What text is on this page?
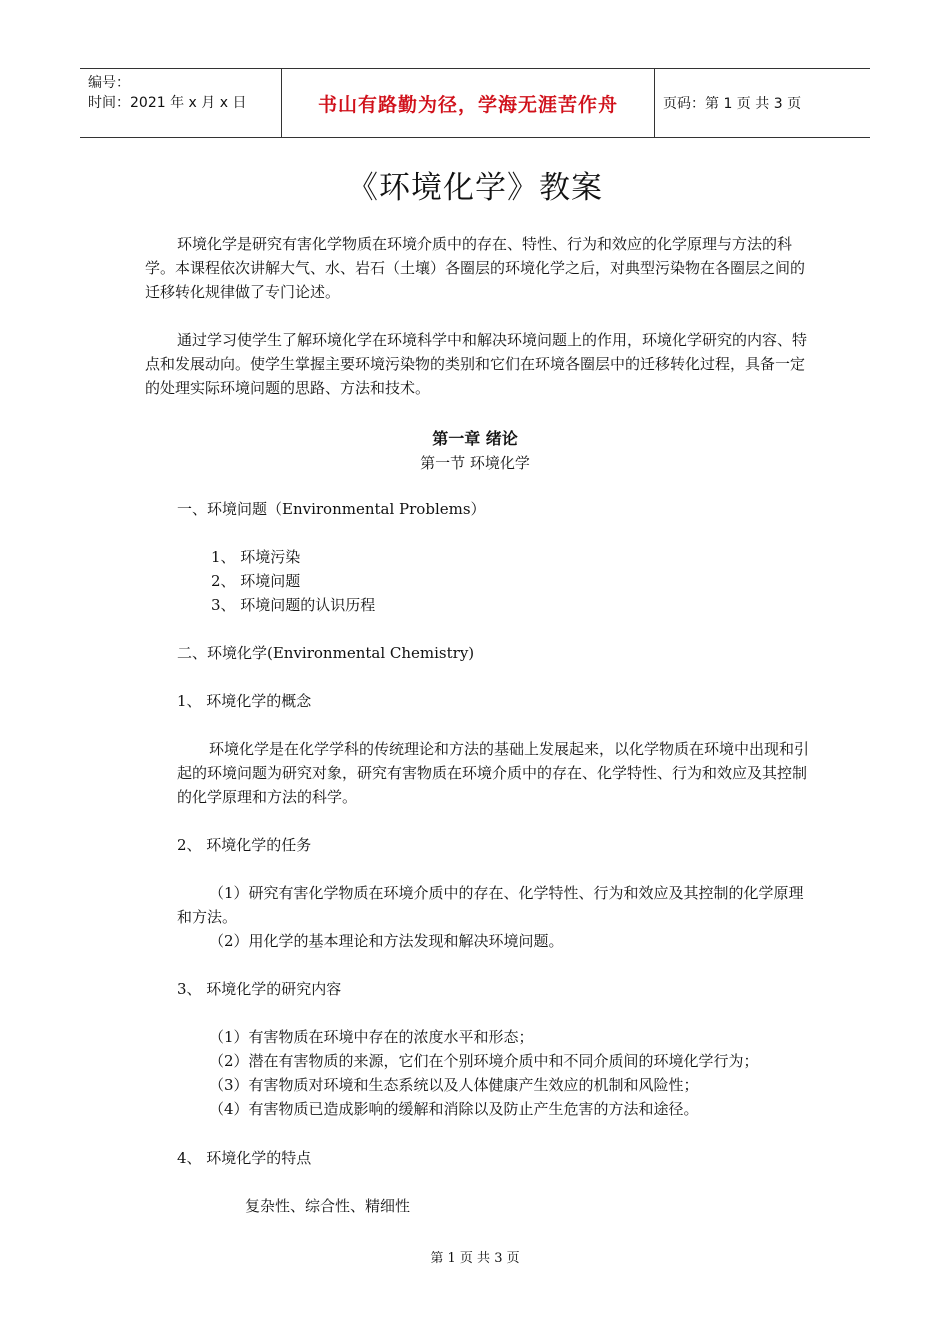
编号：
时间：2021 年 x 月 x 日	书山有路勤为径，学海无涯苦作舟	页码：第 1 页 共 3 页
《环境化学》教案
环境化学是研究有害化学物质在环境介质中的存在、特性、行为和效应的化学原理与方法的科学。本课程依次讲解大气、水、岩石（土壤）各圈层的环境化学之后，对典型污染物在各圈层之间的迁移转化规律做了专门论述。
通过学习使学生了解环境化学在环境科学中和解决环境问题上的作用，环境化学研究的内容、特点和发展动向。使学生掌握主要环境污染物的类别和它们在环境各圈层中的迁移转化过程，具备一定的处理实际环境问题的思路、方法和技术。
第一章 绪论
第一节 环境化学
一、环境问题（Environmental Problems）
1、 环境污染
2、 环境问题
3、 环境问题的认识历程
二、环境化学(Environmental Chemistry)
1、 环境化学的概念
环境化学是在化学学科的传统理论和方法的基础上发展起来，以化学物质在环境中出现和引起的环境问题为研究对象，研究有害物质在环境介质中的存在、化学特性、行为和效应及其控制的化学原理和方法的科学。
2、 环境化学的任务
（1）研究有害化学物质在环境介质中的存在、化学特性、行为和效应及其控制的化学原理和方法。
（2）用化学的基本理论和方法发现和解决环境问题。
3、 环境化学的研究内容
（1）有害物质在环境中存在的浓度水平和形态；
（2）潜在有害物质的来源，它们在个别环境介质中和不同介质间的环境化学行为；
（3）有害物质对环境和生态系统以及人体健康产生效应的机制和风险性；
（4）有害物质已造成影响的缓解和消除以及防止产生危害的方法和途径。
4、 环境化学的特点
复杂性、综合性、精细性
第 1 页 共 3 页
